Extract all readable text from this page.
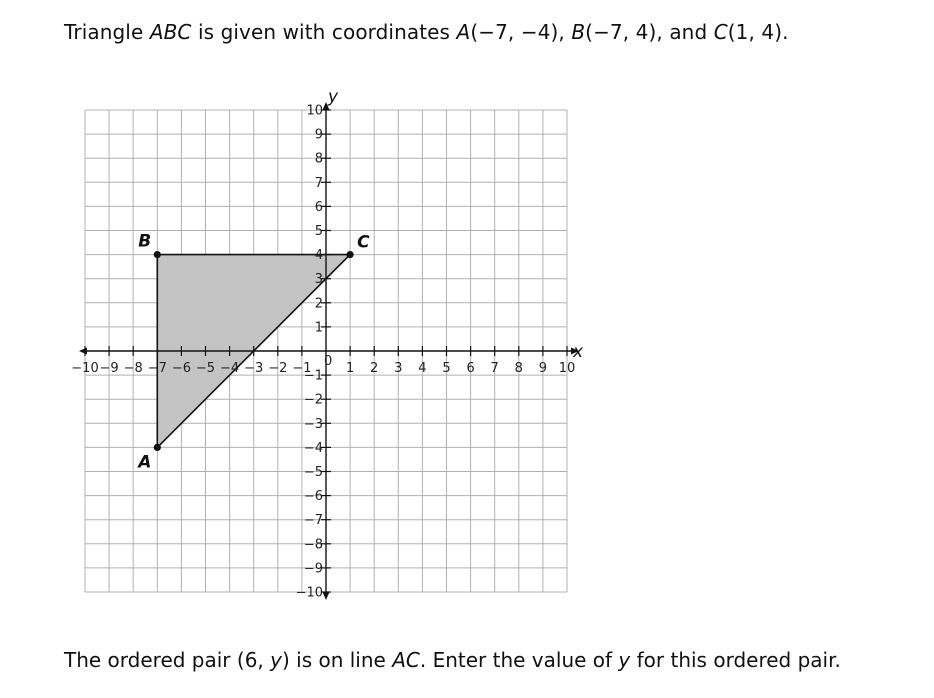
Triangle ABC is given with coordinates A(−7, −4), B(−7, 4), and C(1, 4).
x
y
−10 −9 −8 −7 −6 −5 −4 −3 −2 −1	1 2 3 4 5 6 7 8 9 10
−10
−9
−8
−7
−6
−5
−4
−3
−2
−1
1
2
3
4
5
6
7
8
9
10
0
A
B	C
The ordered pair (6, y) is on line AC. Enter the value of y for this ordered pair.
